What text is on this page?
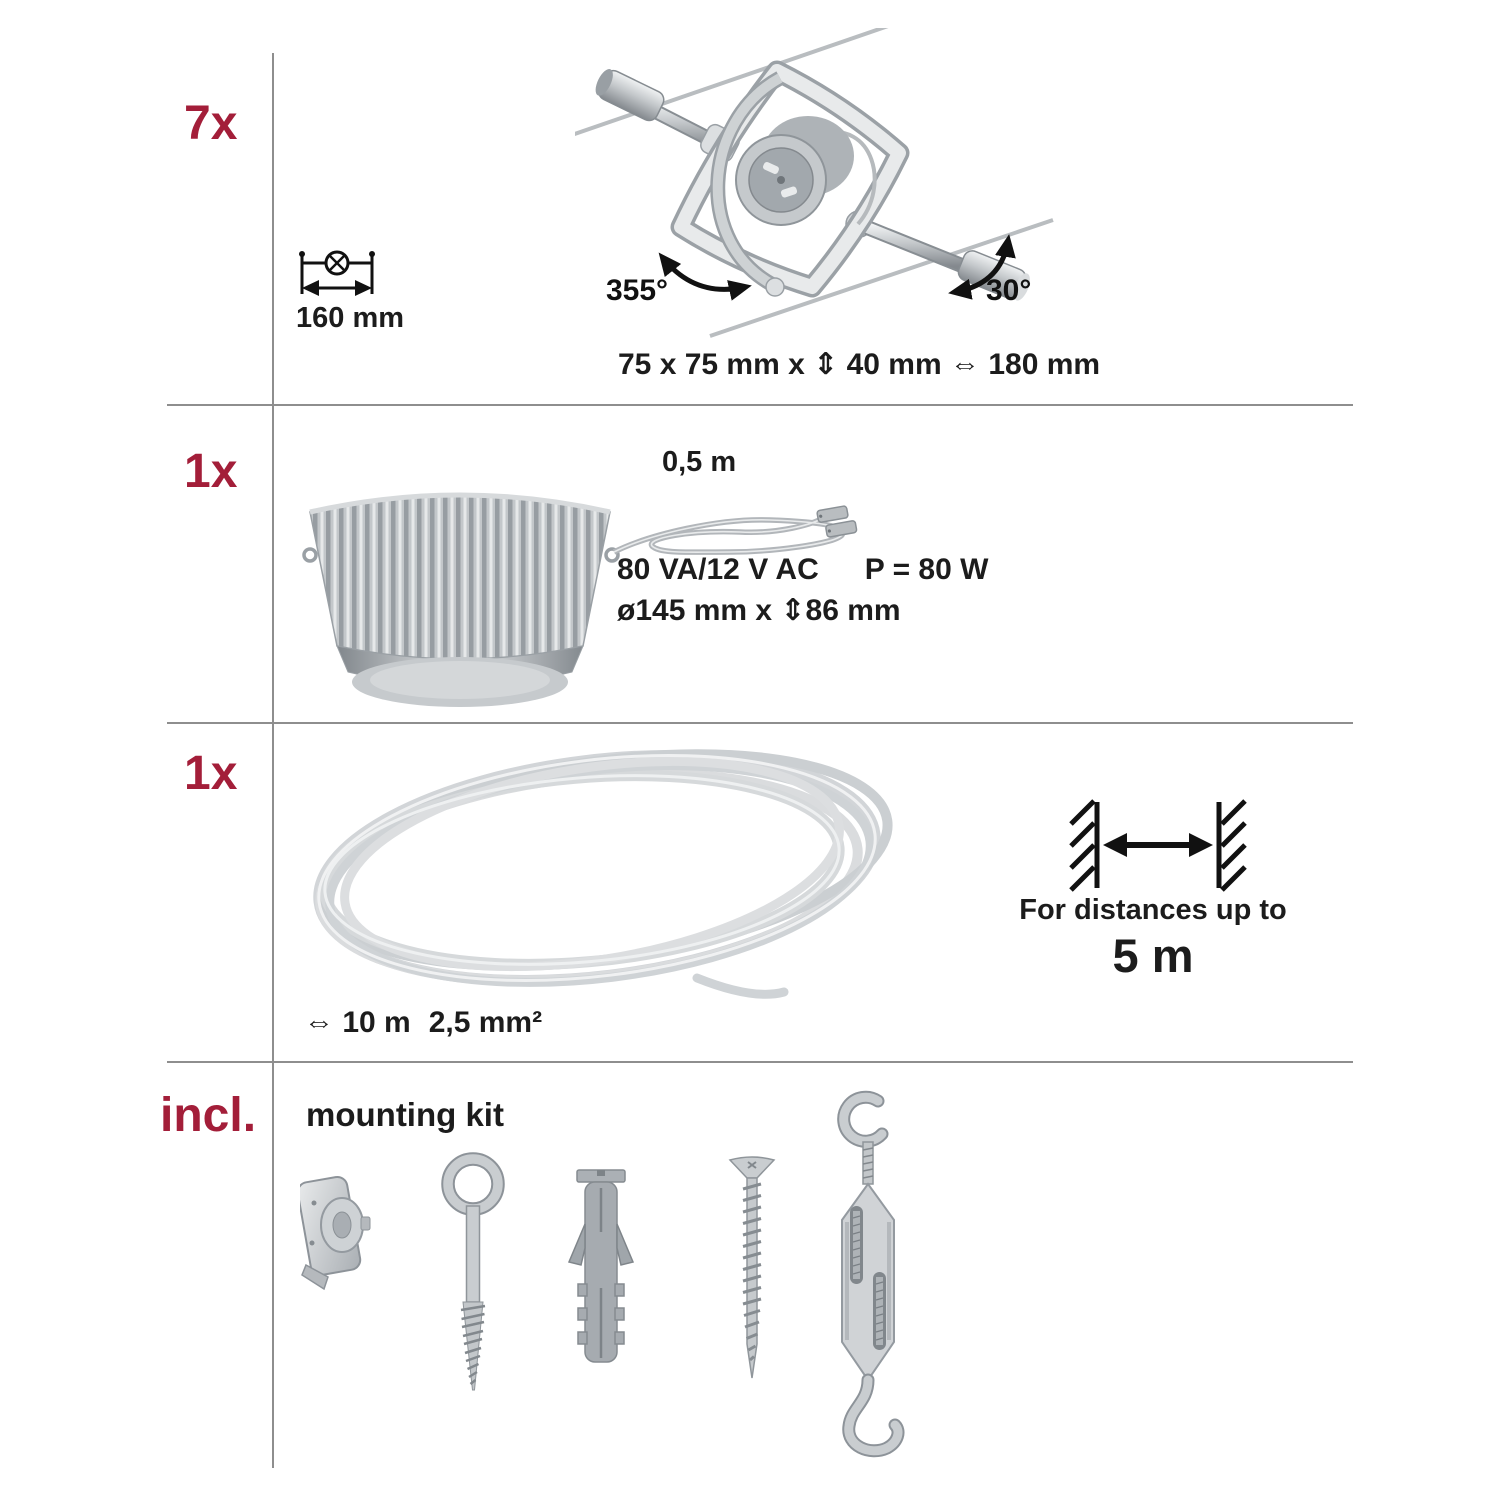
7x
160 mm
355°	30°
75 x 75 mm x ⇕ 40 mm ⇔ 180 mm
1x	0,5 m
80 VA/12 V AC P = 80 W
ø145 mm x ⇕86 mm
1x
⇔ 10 m 2,5 mm²
For distances up to
5 m
incl. mounting kit
